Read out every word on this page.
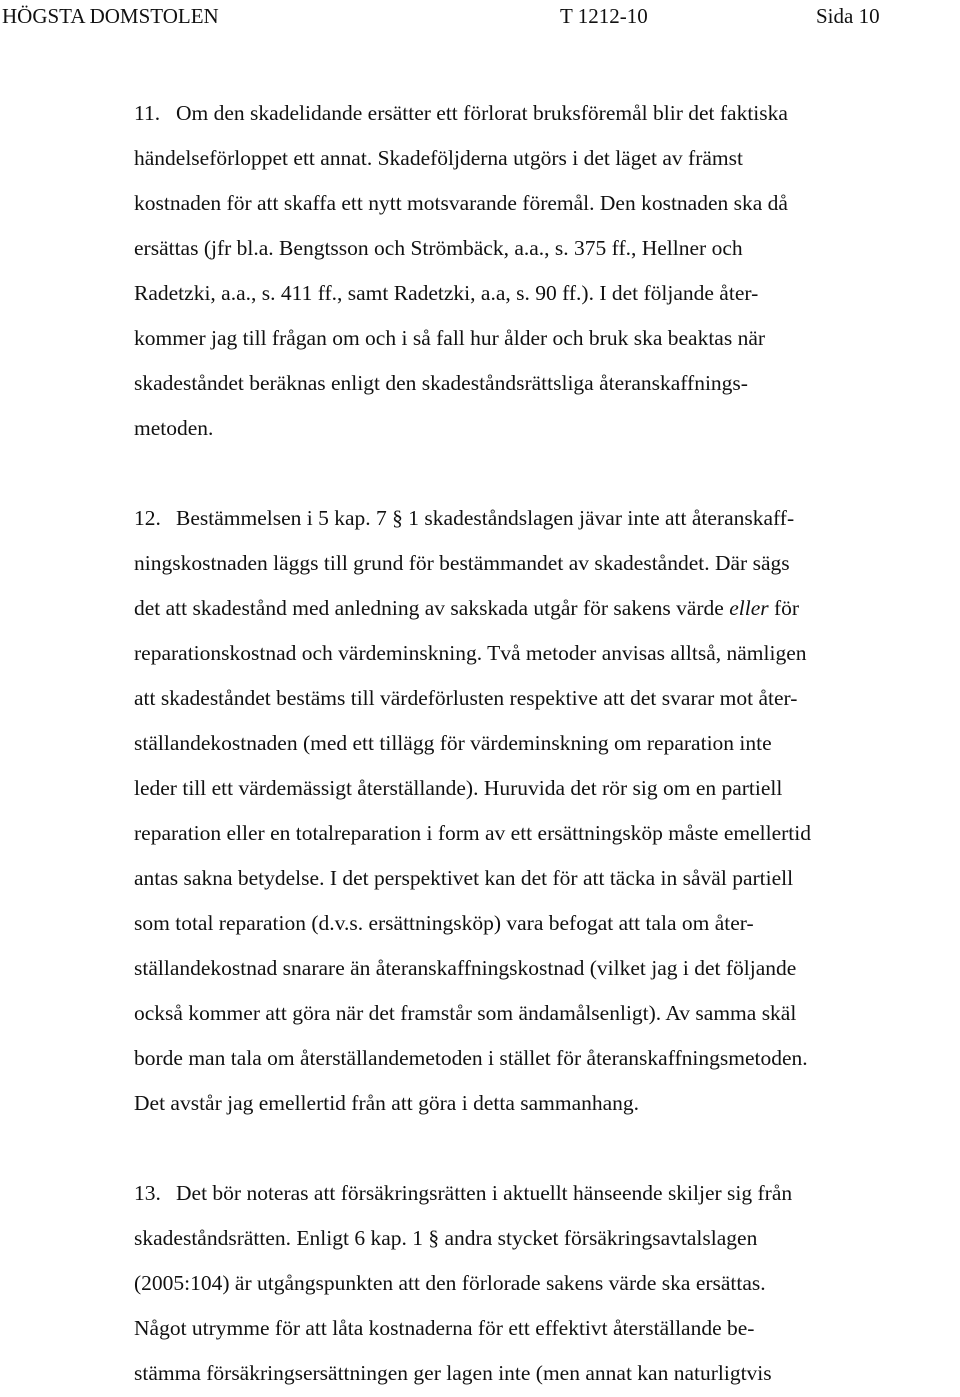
HÖGSTA DOMSTOLEN	T 1212-10	Sida 10
11. Om den skadelidande ersätter ett förlorat bruksföremål blir det faktiska
händelseförloppet ett annat. Skadeföljderna utgörs i det läget av främst
kostnaden för att skaffa ett nytt motsvarande föremål. Den kostnaden ska då
ersättas (jfr bl.a. Bengtsson och Strömbäck, a.a., s. 375 ff., Hellner och
Radetzki, a.a., s. 411 ff., samt Radetzki, a.a, s. 90 ff.). I det följande åter-
kommer jag till frågan om och i så fall hur ålder och bruk ska beaktas när
skadeståndet beräknas enligt den skadeståndsrättsliga återanskaffnings-
metoden.
12. Bestämmelsen i 5 kap. 7 § 1 skadeståndslagen jävar inte att återanskaff-
ningskostnaden läggs till grund för bestämmandet av skadeståndet. Där sägs
det att skadestånd med anledning av sakskada utgår för sakens värde eller för
reparationskostnad och värdeminskning. Två metoder anvisas alltså, nämligen
att skadeståndet bestäms till värdeförlusten respektive att det svarar mot åter-
ställandekostnaden (med ett tillägg för värdeminskning om reparation inte
leder till ett värdemässigt återställande). Huruvida det rör sig om en partiell
reparation eller en totalreparation i form av ett ersättningsköp måste emellertid
antas sakna betydelse. I det perspektivet kan det för att täcka in såväl partiell
som total reparation (d.v.s. ersättningsköp) vara befogat att tala om åter-
ställandekostnad snarare än återanskaffningskostnad (vilket jag i det följande
också kommer att göra när det framstår som ändamålsenligt). Av samma skäl
borde man tala om återställandemetoden i stället för återanskaffningsmetoden.
Det avstår jag emellertid från att göra i detta sammanhang.
13. Det bör noteras att försäkringsrätten i aktuellt hänseende skiljer sig från
skadeståndsrätten. Enligt 6 kap. 1 § andra stycket försäkringsavtalslagen
(2005:104) är utgångspunkten att den förlorade sakens värde ska ersättas.
Något utrymme för att låta kostnaderna för ett effektivt återställande be-
stämma försäkringsersättningen ger lagen inte (men annat kan naturligtvis
